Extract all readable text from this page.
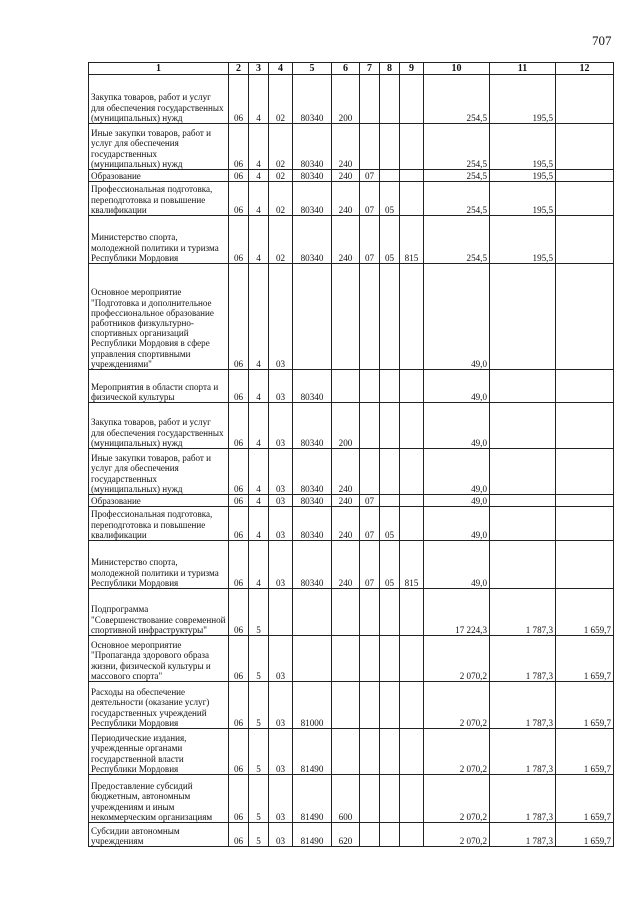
707
1	2	3	4	5	6	7	8	9	10	11	12
Закупка товаров, работ и услуг для обеспечения государственных (муниципальных) нужд	06	4	02	80340	200				254,5	195,5	
Иные закупки товаров, работ и услуг для обеспечения государственных (муниципальных) нужд	06	4	02	80340	240				254,5	195,5	
Образование	06	4	02	80340	240	07			254,5	195,5	
Профессиональная подготовка, переподготовка и повышение квалификации	06	4	02	80340	240	07	05		254,5	195,5	
Министерство спорта, молодежной политики и туризма Республики Мордовия	06	4	02	80340	240	07	05	815	254,5	195,5	
Основное мероприятие "Подготовка и дополнительное профессиональное образование работников физкультурно-спортивных организаций Республики Мордовия в сфере управления спортивными учреждениями"	06	4	03						49,0		
Мероприятия в области спорта и физической культуры	06	4	03	80340					49,0		
Закупка товаров, работ и услуг для обеспечения государственных (муниципальных) нужд	06	4	03	80340	200				49,0		
Иные закупки товаров, работ и услуг для обеспечения государственных (муниципальных) нужд	06	4	03	80340	240				49,0		
Образование	06	4	03	80340	240	07			49,0		
Профессиональная подготовка, переподготовка и повышение квалификации	06	4	03	80340	240	07	05		49,0		
Министерство спорта, молодежной политики и туризма Республики Мордовия	06	4	03	80340	240	07	05	815	49,0		
Подпрограмма "Совершенствование современной спортивной инфраструктуры"	06	5							17 224,3	1 787,3	1 659,7
Основное мероприятие "Пропаганда здорового образа жизни, физической культуры и массового спорта"	06	5	03						2 070,2	1 787,3	1 659,7
Расходы на обеспечение деятельности (оказание услуг) государственных учреждений Республики Мордовия	06	5	03	81000					2 070,2	1 787,3	1 659,7
Периодические издания, учрежденные органами государственной власти Республики Мордовия	06	5	03	81490					2 070,2	1 787,3	1 659,7
Предоставление субсидий бюджетным, автономным учреждениям и иным некоммерческим организациям	06	5	03	81490	600				2 070,2	1 787,3	1 659,7
Субсидии автономным учреждениям	06	5	03	81490	620				2 070,2	1 787,3	1 659,7
